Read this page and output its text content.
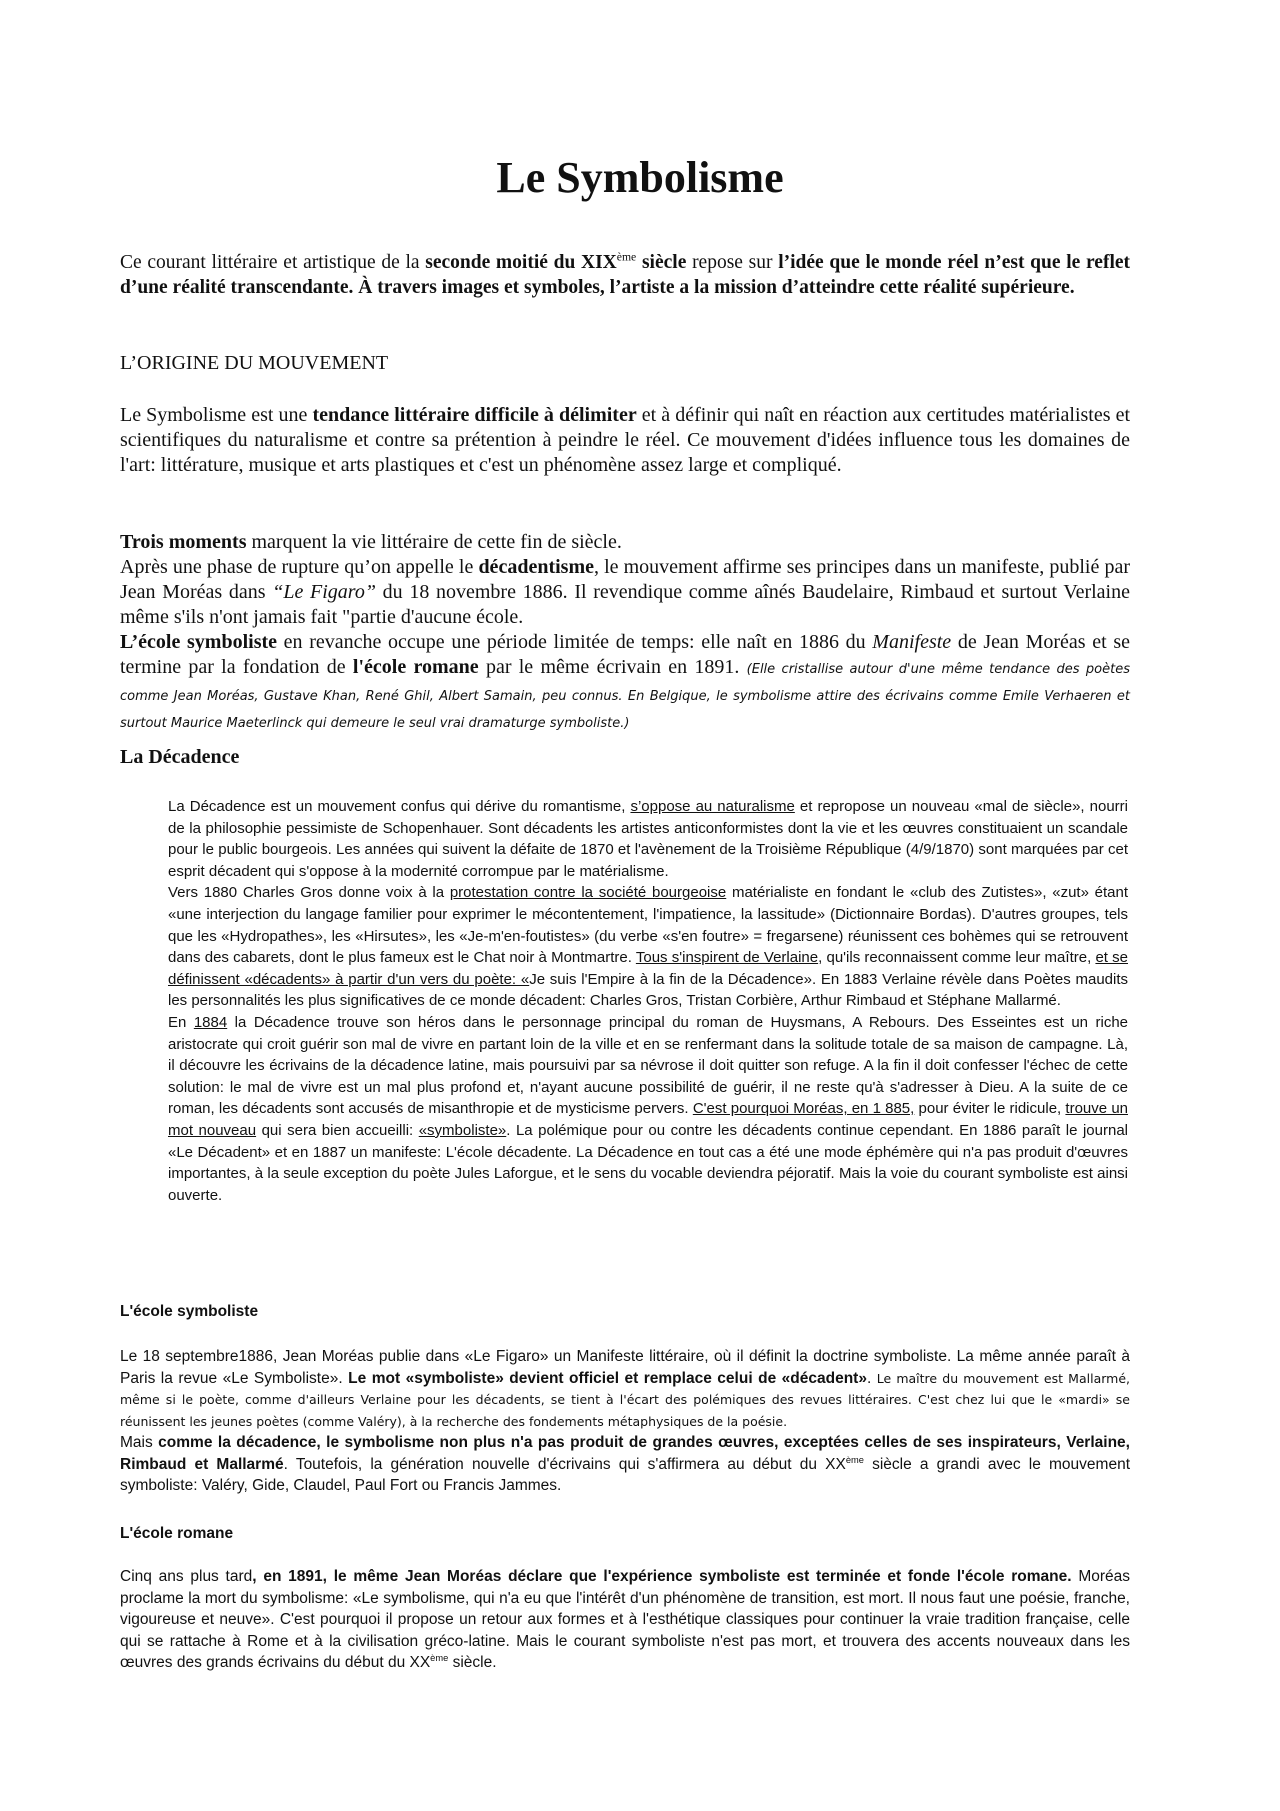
Le Symbolisme

Ce courant littéraire et artistique de la seconde moitié du XIXème siècle repose sur l’idée que le monde réel n’est que le reflet d’une réalité transcendante. À travers images et symboles, l’artiste a la mission d’atteindre cette réalité supérieure.

L’ORIGINE DU MOUVEMENT

Le Symbolisme est une tendance littéraire difficile à délimiter et à définir qui naît en réaction aux certitudes matérialistes et scientifiques du naturalisme et contre sa prétention à peindre le réel. Ce mouvement d'idées influence tous les domaines de l'art: littérature, musique et arts plastiques et c'est un phénomène assez large et compliqué.

Trois moments marquent la vie littéraire de cette fin de siècle.
Après une phase de rupture qu’on appelle le décadentisme, le mouvement affirme ses principes dans un manifeste, publié par Jean Moréas dans “Le Figaro” du 18 novembre 1886. Il revendique comme aînés Baudelaire, Rimbaud et surtout Verlaine même s'ils n'ont jamais fait "partie d'aucune école.
L’école symboliste en revanche occupe une période limitée de temps: elle naît en 1886 du Manifeste de Jean Moréas et se termine par la fondation de l'école romane par le même écrivain en 1891. (Elle cristallise autour d'une même tendance des poètes comme Jean Moréas, Gustave Khan, René Ghil, Albert Samain, peu connus. En Belgique, le symbolisme attire des écrivains comme Emile Verhaeren et surtout Maurice Maeterlinck qui demeure le seul vrai dramaturge symboliste.)

La Décadence
La Décadence est un mouvement confus qui dérive du romantisme, s’oppose au naturalisme et repropose un nouveau «mal de siècle», nourri de la philosophie pessimiste de Schopenhauer. Sont décadents les artistes anticonformistes dont la vie et les œuvres constituaient un scandale pour le public bourgeois. Les années qui suivent la défaite de 1870 et l'avènement de la Troisième République (4/9/1870) sont marquées par cet esprit décadent qui s'oppose à la modernité corrompue par le matérialisme.
Vers 1880 Charles Gros donne voix à la protestation contre la société bourgeoise matérialiste en fondant le «club des Zutistes», «zut» étant «une interjection du langage familier pour exprimer le mécontentement, l'impatience, la lassitude» (Dictionnaire Bordas). D'autres groupes, tels que les «Hydropathes», les «Hirsutes», les «Je-m'en-foutistes» (du verbe «s'en foutre» = fregarsene) réunissent ces bohèmes qui se retrouvent dans des cabarets, dont le plus fameux est le Chat noir à Montmartre. Tous s'inspirent de Verlaine, qu'ils reconnaissent comme leur maître, et se définissent «décadents» à partir d'un vers du poète: «Je suis l'Empire à la fin de la Décadence». En 1883 Verlaine révèle dans Poètes maudits les personnalités les plus significatives de ce monde décadent: Charles Gros, Tristan Corbière, Arthur Rimbaud et Stéphane Mallarmé.
En 1884 la Décadence trouve son héros dans le personnage principal du roman de Huysmans, A Rebours. Des Esseintes est un riche aristocrate qui croit guérir son mal de vivre en partant loin de la ville et en se renfermant dans la solitude totale de sa maison de campagne. Là, il découvre les écrivains de la décadence latine, mais poursuivi par sa névrose il doit quitter son refuge. A la fin il doit confesser l'échec de cette solution: le mal de vivre est un mal plus profond et, n'ayant aucune possibilité de guérir, il ne reste qu'à s'adresser à Dieu. A la suite de ce roman, les décadents sont accusés de misanthropie et de mysticisme pervers. C'est pourquoi Moréas, en 1 885, pour éviter le ridicule, trouve un mot nouveau qui sera bien accueilli: «symboliste». La polémique pour ou contre les décadents continue cependant. En 1886 paraît le journal «Le Décadent» et en 1887 un manifeste: L'école décadente. La Décadence en tout cas a été une mode éphémère qui n'a pas produit d'œuvres importantes, à la seule exception du poète Jules Laforgue, et le sens du vocable deviendra péjoratif. Mais la voie du courant symboliste est ainsi ouverte.
L'école symboliste

Le 18 septembre1886, Jean Moréas publie dans «Le Figaro» un Manifeste littéraire, où il définit la doctrine symboliste. La même année paraît à Paris la revue «Le Symboliste». Le mot «symboliste» devient officiel et remplace celui de «décadent». Le maître du mouvement est Mallarmé, même si le poète, comme d'ailleurs Verlaine pour les décadents, se tient à l'écart des polémiques des revues littéraires. C'est chez lui que le «mardi» se réunissent les jeunes poètes (comme Valéry), à la recherche des fondements métaphysiques de la poésie.
Mais comme la décadence, le symbolisme non plus n'a pas produit de grandes œuvres, exceptées celles de ses inspirateurs, Verlaine, Rimbaud et Mallarmé. Toutefois, la génération nouvelle d'écrivains qui s'affirmera au début du XXème siècle a grandi avec le mouvement symboliste: Valéry, Gide, Claudel, Paul Fort ou Francis Jammes.

L'école romane

Cinq ans plus tard, en 1891, le même Jean Moréas déclare que l'expérience symboliste est terminée et fonde l'école romane. Moréas proclame la mort du symbolisme: «Le symbolisme, qui n'a eu que l'intérêt d'un phénomène de transition, est mort. Il nous faut une poésie, franche, vigoureuse et neuve». C'est pourquoi il propose un retour aux formes et à l'esthétique classiques pour continuer la vraie tradition française, celle qui se rattache à Rome et à la civilisation gréco-latine. Mais le courant symboliste n'est pas mort, et trouvera des accents nouveaux dans les œuvres des grands écrivains du début du XXème siècle.
